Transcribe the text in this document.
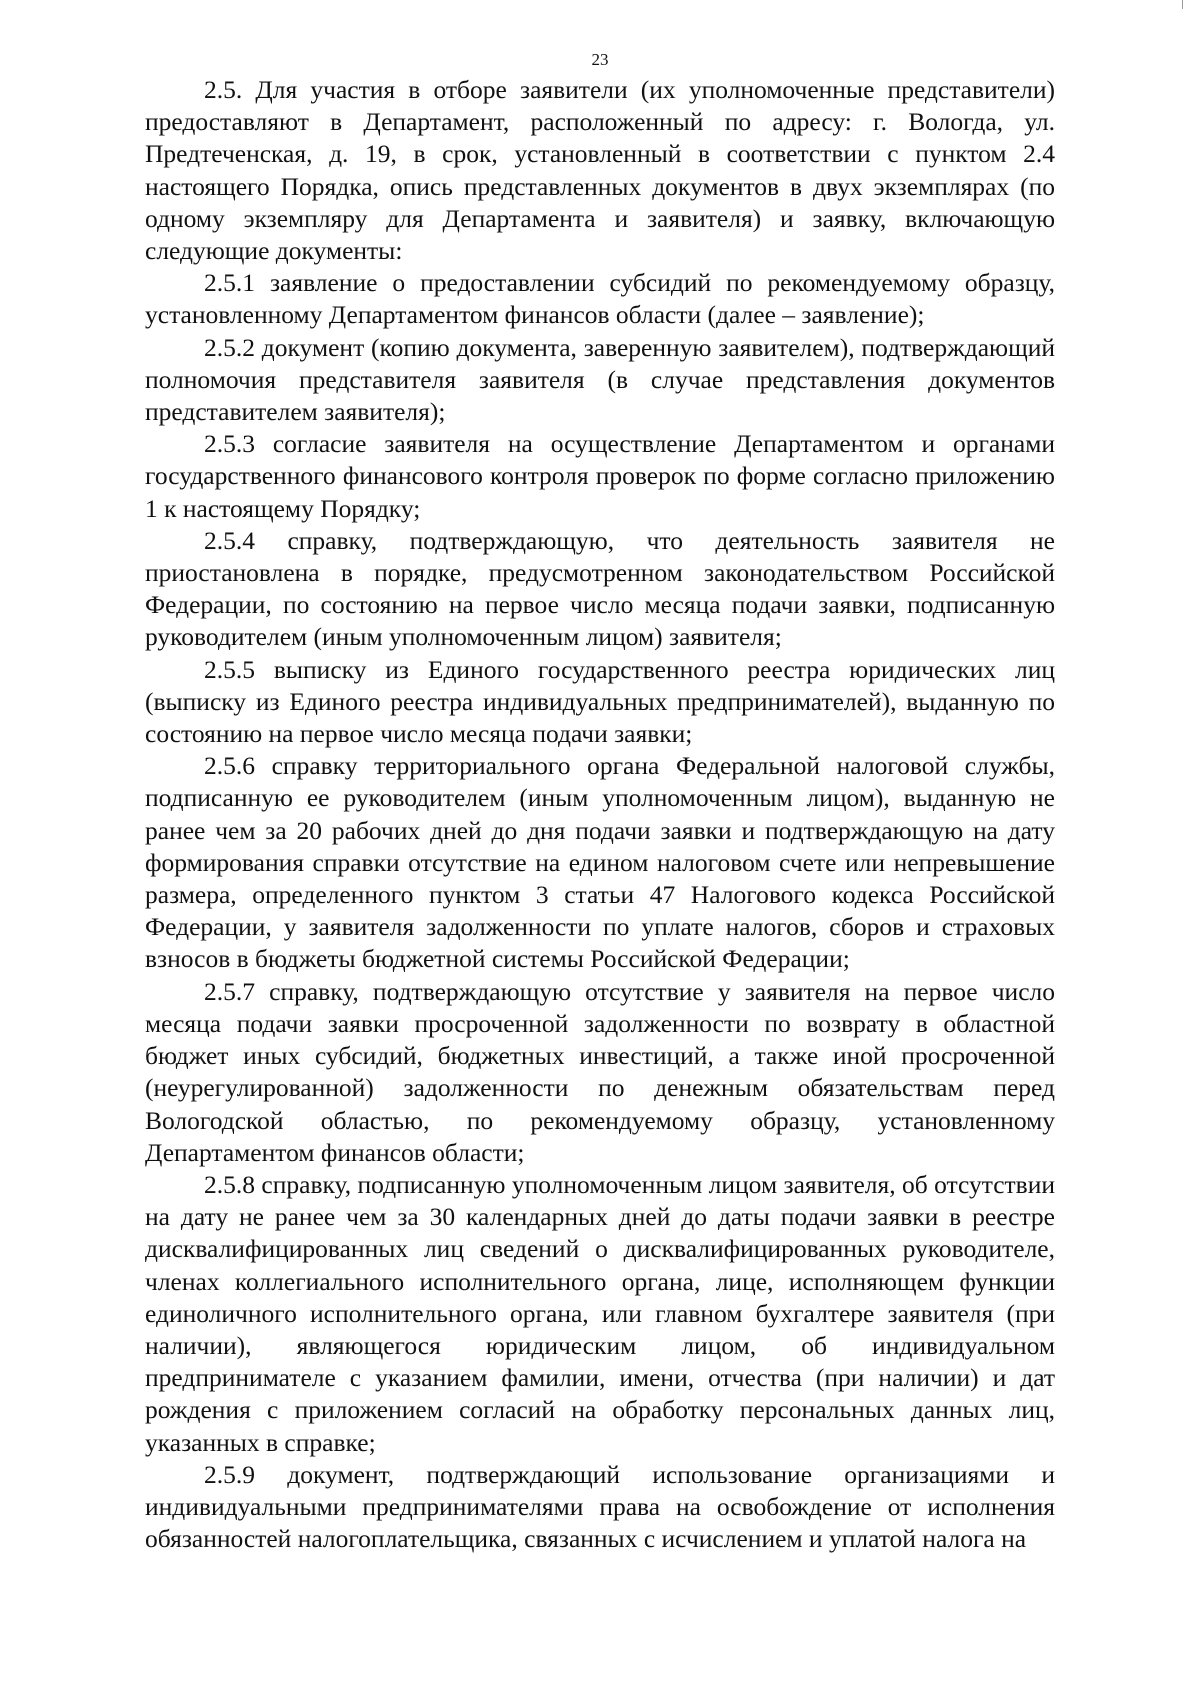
23

2.5. Для участия в отборе заявители (их уполномоченные представители) предоставляют в Департамент, расположенный по адресу: г. Вологда, ул. Предтеченская, д. 19, в срок, установленный в соответствии с пунктом 2.4 настоящего Порядка, опись представленных документов в двух экземплярах (по одному экземпляру для Департамента и заявителя) и заявку, включающую следующие документы:

2.5.1 заявление о предоставлении субсидий по рекомендуемому образцу, установленному Департаментом финансов области (далее – заявление);

2.5.2 документ (копию документа, заверенную заявителем), подтверждающий полномочия представителя заявителя (в случае представления документов представителем заявителя);

2.5.3 согласие заявителя на осуществление Департаментом и органами государственного финансового контроля проверок по форме согласно приложению 1 к настоящему Порядку;

2.5.4 справку, подтверждающую, что деятельность заявителя не приостановлена в порядке, предусмотренном законодательством Российской Федерации, по состоянию на первое число месяца подачи заявки, подписанную руководителем (иным уполномоченным лицом) заявителя;

2.5.5 выписку из Единого государственного реестра юридических лиц (выписку из Единого реестра индивидуальных предпринимателей), выданную по состоянию на первое число месяца подачи заявки;

2.5.6 справку территориального органа Федеральной налоговой службы, подписанную ее руководителем (иным уполномоченным лицом), выданную не ранее чем за 20 рабочих дней до дня подачи заявки и подтверждающую на дату формирования справки отсутствие на едином налоговом счете или непревышение размера, определенного пунктом 3 статьи 47 Налогового кодекса Российской Федерации, у заявителя задолженности по уплате налогов, сборов и страховых взносов в бюджеты бюджетной системы Российской Федерации;

2.5.7 справку, подтверждающую отсутствие у заявителя на первое число месяца подачи заявки просроченной задолженности по возврату в областной бюджет иных субсидий, бюджетных инвестиций, а также иной просроченной (неурегулированной) задолженности по денежным обязательствам перед Вологодской областью, по рекомендуемому образцу, установленному Департаментом финансов области;

2.5.8 справку, подписанную уполномоченным лицом заявителя, об отсутствии на дату не ранее чем за 30 календарных дней до даты подачи заявки в реестре дисквалифицированных лиц сведений о дисквалифицированных руководителе, членах коллегиального исполнительного органа, лице, исполняющем функции единоличного исполнительного органа, или главном бухгалтере заявителя (при наличии), являющегося юридическим лицом, об индивидуальном предпринимателе с указанием фамилии, имени, отчества (при наличии) и дат рождения с приложением согласий на обработку персональных данных лиц, указанных в справке;

2.5.9 документ, подтверждающий использование организациями и индивидуальными предпринимателями права на освобождение от исполнения обязанностей налогоплательщика, связанных с исчислением и уплатой налога на
